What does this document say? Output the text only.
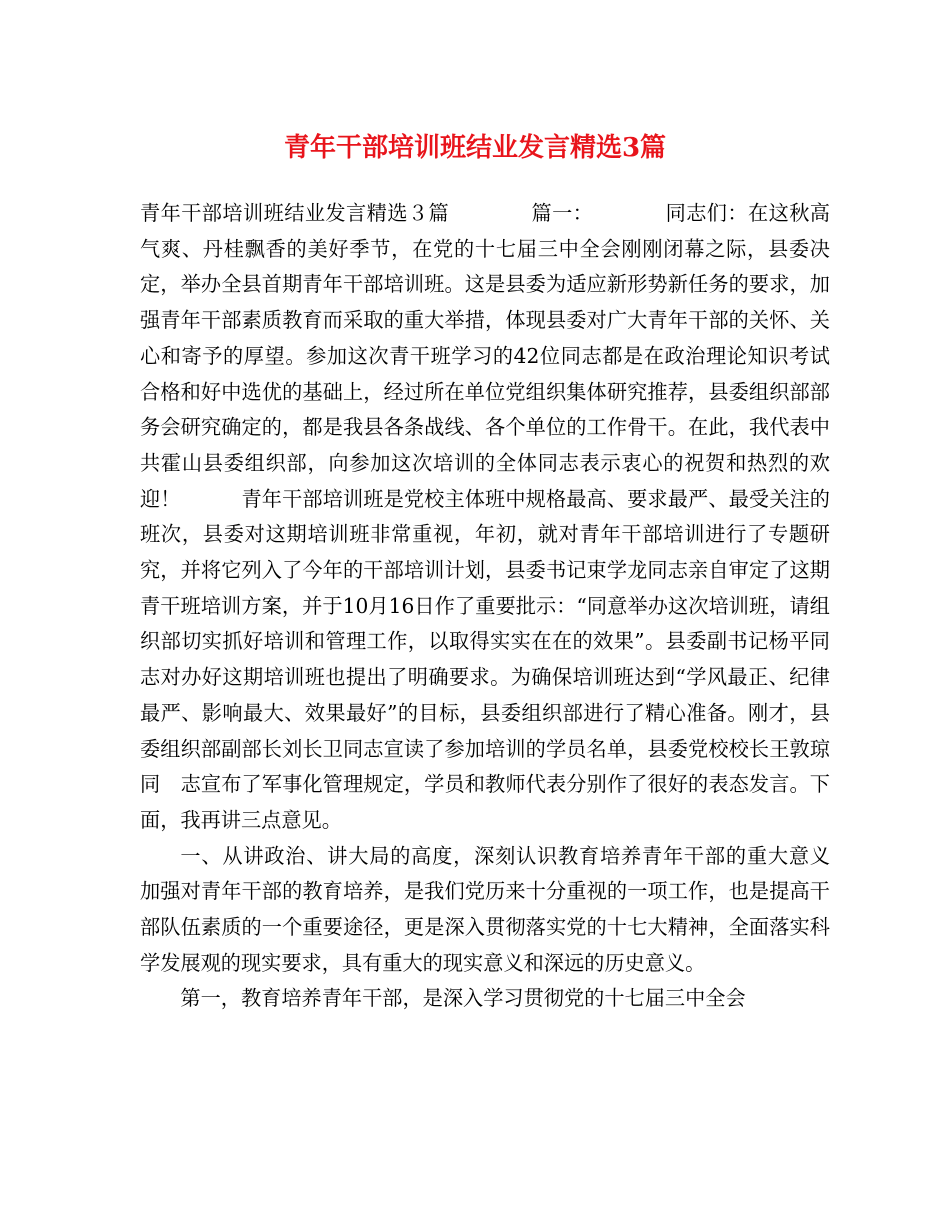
青年干部培训班结业发言精选3篇

青年干部培训班结业发言精选３篇　　　　篇一：　　　　同志们：在这秋高气爽、丹桂飘香的美好季节，在党的十七届三中全会刚刚闭幕之际，县委决定，举办全县首期青年干部培训班。这是县委为适应新形势新任务的要求，加强青年干部素质教育而采取的重大举措，体现县委对广大青年干部的关怀、关心和寄予的厚望。参加这次青干班学习的42位同志都是在政治理论知识考试合格和好中选优的基础上，经过所在单位党组织集体研究推荐，县委组织部部务会研究确定的，都是我县各条战线、各个单位的工作骨干。在此，我代表中共霍山县委组织部，向参加这次培训的全体同志表示衷心的祝贺和热烈的欢迎！　　　青年干部培训班是党校主体班中规格最高、要求最严、最受关注的班次，县委对这期培训班非常重视，年初，就对青年干部培训进行了专题研究，并将它列入了今年的干部培训计划，县委书记束学龙同志亲自审定了这期青干班培训方案，并于10月16日作了重要批示：“同意举办这次培训班，请组织部切实抓好培训和管理工作，以取得实实在在的效果”。县委副书记杨平同志对办好这期培训班也提出了明确要求。为确保培训班达到“学风最正、纪律最严、影响最大、效果最好”的目标，县委组织部进行了精心准备。刚才，县委组织部副部长刘长卫同志宣读了参加培训的学员名单，县委党校校长王敦琼同　志宣布了军事化管理规定，学员和教师代表分别作了很好的表态发言。下面，我再讲三点意见。

一、从讲政治、讲大局的高度，深刻认识教育培养青年干部的重大意义　　　加强对青年干部的教育培养，是我们党历来十分重视的一项工作，也是提高干部队伍素质的一个重要途径，更是深入贯彻落实党的十七大精神，全面落实科学发展观的现实要求，具有重大的现实意义和深远的历史意义。

第一，教育培养青年干部，是深入学习贯彻党的十七届三中全会
